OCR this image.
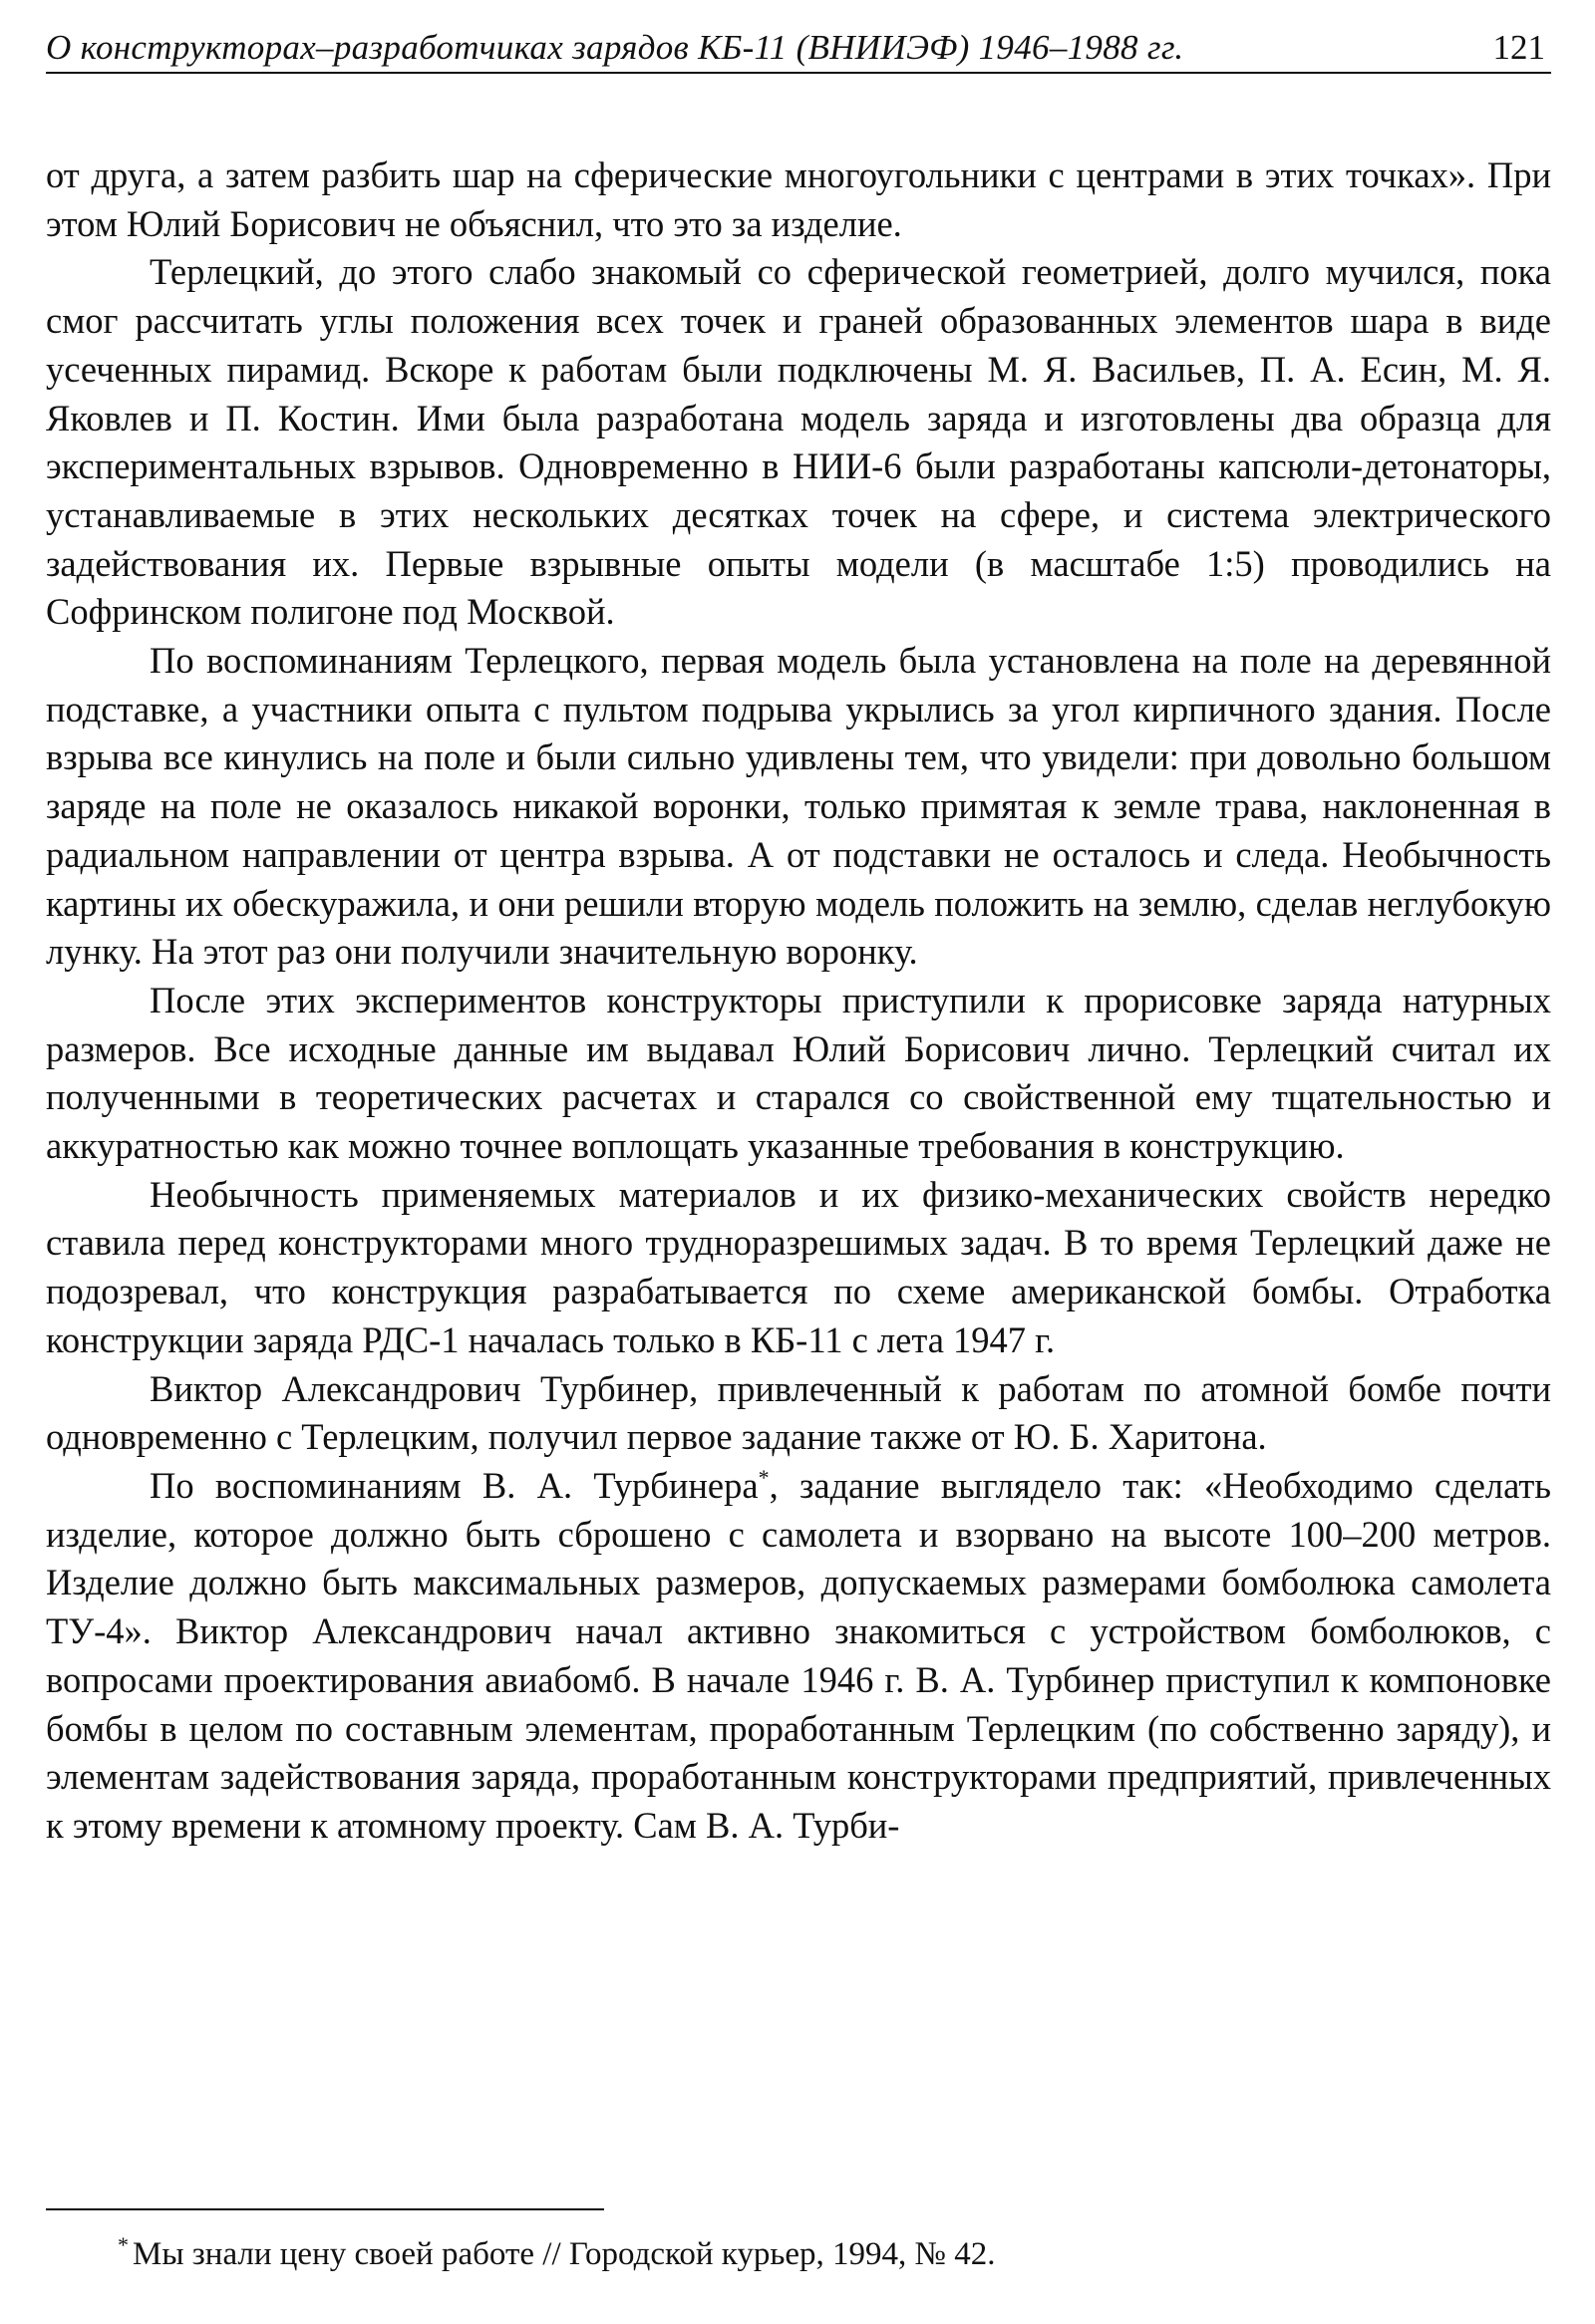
О конструкторах–разработчиках зарядов КБ-11 (ВНИИЭФ) 1946–1988 гг.	121

от друга, а затем разбить шар на сферические многоугольники с центрами в этих точках». При этом Юлий Борисович не объяснил, что это за изделие.

Терлецкий, до этого слабо знакомый со сферической геометрией, долго мучился, пока смог рассчитать углы положения всех точек и граней образованных элементов шара в виде усеченных пирамид. Вскоре к работам были подключены М. Я. Васильев, П. А. Есин, М. Я. Яковлев и П. Костин. Ими была разработана модель заряда и изготовлены два образца для экспериментальных взрывов. Одновременно в НИИ-6 были разработаны капсюли-детонаторы, устанавливаемые в этих нескольких десятках точек на сфере, и система электрического задействования их. Первые взрывные опыты модели (в масштабе 1:5) проводились на Софринском полигоне под Москвой.

По воспоминаниям Терлецкого, первая модель была установлена на поле на деревянной подставке, а участники опыта с пультом подрыва укрылись за угол кирпичного здания. После взрыва все кинулись на поле и были сильно удивлены тем, что увидели: при довольно большом заряде на поле не оказалось никакой воронки, только примятая к земле трава, наклоненная в радиальном направлении от центра взрыва. А от подставки не осталось и следа. Необычность картины их обескуражила, и они решили вторую модель положить на землю, сделав неглубокую лунку. На этот раз они получили значительную воронку.

После этих экспериментов конструкторы приступили к прорисовке заряда натурных размеров. Все исходные данные им выдавал Юлий Борисович лично. Терлецкий считал их полученными в теоретических расчетах и старался со свойственной ему тщательностью и аккуратностью как можно точнее воплощать указанные требования в конструкцию.

Необычность применяемых материалов и их физико-механических свойств нередко ставила перед конструкторами много трудноразрешимых задач. В то время Терлецкий даже не подозревал, что конструкция разрабатывается по схеме американской бомбы. Отработка конструкции заряда РДС-1 началась только в КБ-11 с лета 1947 г.

Виктор Александрович Турбинер, привлеченный к работам по атомной бомбе почти одновременно с Терлецким, получил первое задание также от Ю. Б. Харитона.

По воспоминаниям В. А. Турбинера*, задание выглядело так: «Необходимо сделать изделие, которое должно быть сброшено с самолета и взорвано на высоте 100–200 метров. Изделие должно быть максимальных размеров, допускаемых размерами бомболюка самолета ТУ-4». Виктор Александрович начал активно знакомиться с устройством бомболюков, с вопросами проектирования авиабомб. В начале 1946 г. В. А. Турбинер приступил к компоновке бомбы в целом по составным элементам, проработанным Терлецким (по собственно заряду), и элементам задействования заряда, проработанным конструкторами предприятий, привлеченных к этому времени к атомному проекту. Сам В. А. Турби-

* Мы знали цену своей работе // Городской курьер, 1994, № 42.
